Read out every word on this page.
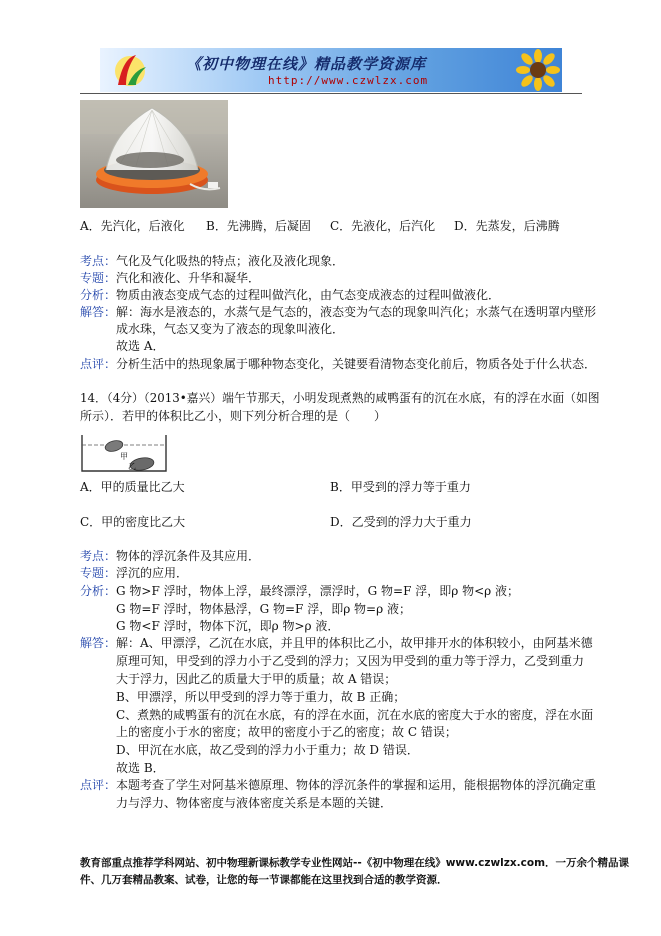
《初中物理在线》精品教学资源库
http://www.czwlzx.com
A．先汽化，后液化 B．先沸腾，后凝固 C．先液化，后汽化 D．先蒸发，后沸腾
考点：气化及气化吸热的特点；液化及液化现象．
专题：汽化和液化、升华和凝华．
分析：物质由液态变成气态的过程叫做汽化，由气态变成液态的过程叫做液化．
解答：解：海水是液态的，水蒸气是气态的，液态变为气态的现象叫汽化；水蒸气在透明罩内壁形
成水珠，气态又变为了液态的现象叫液化．
故选 A．
点评：分析生活中的热现象属于哪种物态变化，关键要看清物态变化前后，物质各处于什么状态．
14．（4分）（2013•嘉兴）端午节那天，小明发现煮熟的咸鸭蛋有的沉在水底，有的浮在水面（如图
所示）．若甲的体积比乙小，则下列分析合理的是（　　）
甲
乙
A．甲的质量比乙大	B．甲受到的浮力等于重力
C．甲的密度比乙大	D．乙受到的浮力大于重力
考点：物体的浮沉条件及其应用．
专题：浮沉的应用．
分析：G 物>F 浮时，物体上浮，最终漂浮，漂浮时，G 物=F 浮，即ρ 物<ρ 液；
G 物=F 浮时，物体悬浮，G 物=F 浮，即ρ 物=ρ 液；
G 物<F 浮时，物体下沉，即ρ 物>ρ 液．
解答：解：A、甲漂浮，乙沉在水底，并且甲的体积比乙小，故甲排开水的体积较小，由阿基米德
原理可知，甲受到的浮力小于乙受到的浮力；又因为甲受到的重力等于浮力，乙受到重力
大于浮力，因此乙的质量大于甲的质量；故 A 错误；
B、甲漂浮，所以甲受到的浮力等于重力，故 B 正确；
C、煮熟的咸鸭蛋有的沉在水底，有的浮在水面，沉在水底的密度大于水的密度，浮在水面
上的密度小于水的密度；故甲的密度小于乙的密度；故 C 错误；
D、甲沉在水底，故乙受到的浮力小于重力；故 D 错误．
故选 B．
点评：本题考查了学生对阿基米德原理、物体的浮沉条件的掌握和运用，能根据物体的浮沉确定重
力与浮力、物体密度与液体密度关系是本题的关键．
教育部重点推荐学科网站、初中物理新课标教学专业性网站--《初中物理在线》www.czwlzx.com．一万余个精品课
件、几万套精品教案、试卷，让您的每一节课都能在这里找到合适的教学资源．
